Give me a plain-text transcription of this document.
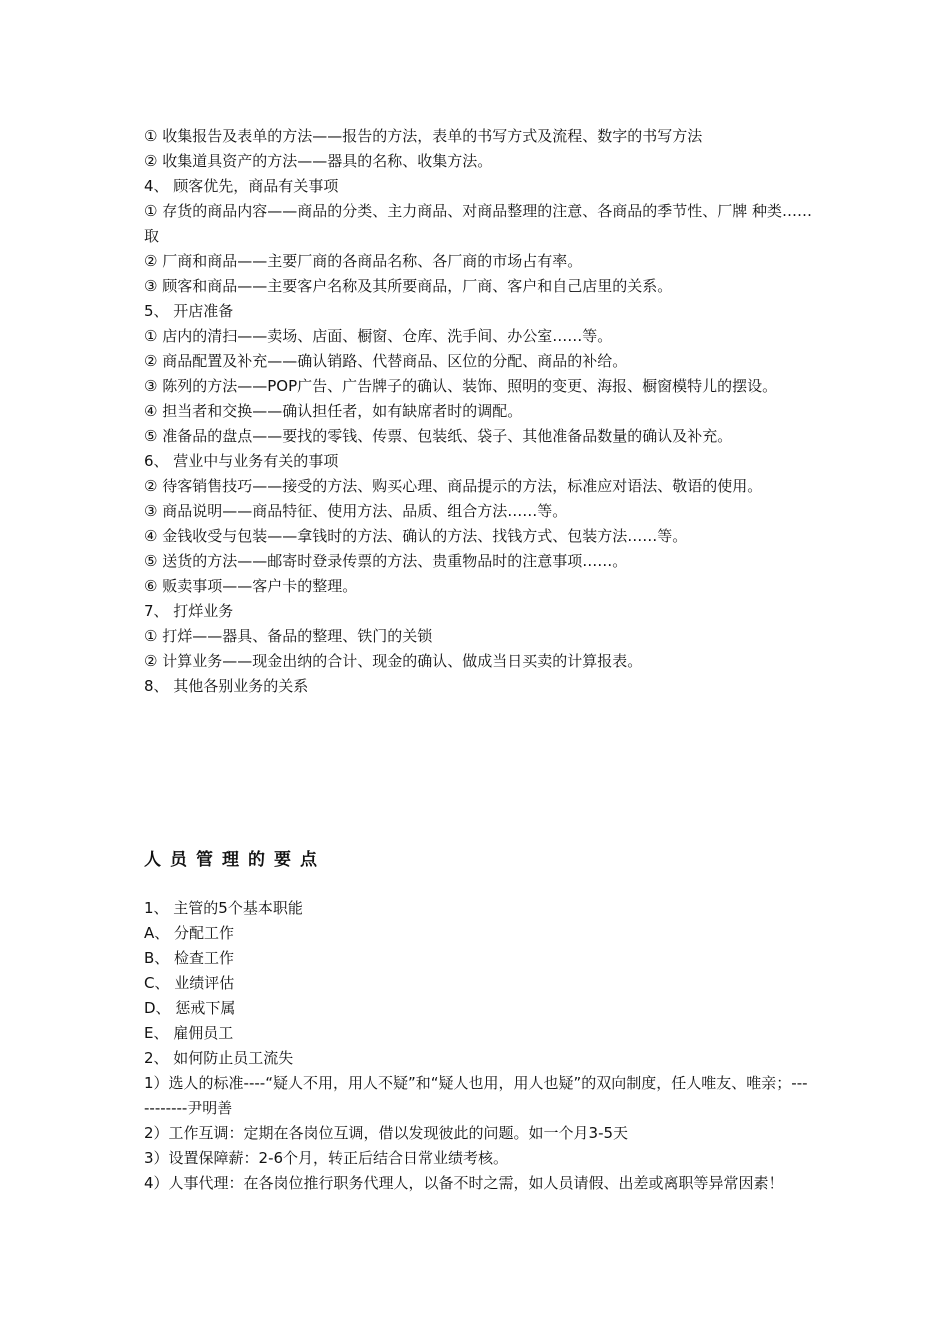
① 收集报告及表单的方法——报告的方法，表单的书写方式及流程、数字的书写方法
② 收集道具资产的方法——器具的名称、收集方法。
4、 顾客优先，商品有关事项
① 存货的商品内容——商品的分类、主力商品、对商品整理的注意、各商品的季节性、厂牌 种类……取
② 厂商和商品——主要厂商的各商品名称、各厂商的市场占有率。
③ 顾客和商品——主要客户名称及其所要商品，厂商、客户和自己店里的关系。
5、 开店准备
① 店内的清扫——卖场、店面、橱窗、仓库、洗手间、办公室……等。
② 商品配置及补充——确认销路、代替商品、区位的分配、商品的补给。
③ 陈列的方法——POP广告、广告牌子的确认、装饰、照明的变更、海报、橱窗模特儿的摆设。
④ 担当者和交换——确认担任者，如有缺席者时的调配。
⑤ 准备品的盘点——要找的零钱、传票、包装纸、袋子、其他准备品数量的确认及补充。
6、 营业中与业务有关的事项
② 待客销售技巧——接受的方法、购买心理、商品提示的方法，标准应对语法、敬语的使用。
③ 商品说明——商品特征、使用方法、品质、组合方法……等。
④ 金钱收受与包装——拿钱时的方法、确认的方法、找钱方式、包装方法……等。
⑤ 送货的方法——邮寄时登录传票的方法、贵重物品时的注意事项……。
⑥ 贩卖事项——客户卡的整理。
7、 打烊业务
① 打烊——器具、备品的整理、铁门的关锁
② 计算业务——现金出纳的合计、现金的确认、做成当日买卖的计算报表。
8、 其他各别业务的关系
人员管理的要点
1、 主管的5个基本职能
A、 分配工作
B、 检查工作
C、 业绩评估
D、 惩戒下属
E、 雇佣员工
2、 如何防止员工流失
1）选人的标准----“疑人不用，用人不疑”和“疑人也用，用人也疑”的双向制度，任人唯友、唯亲；-----------尹明善
2）工作互调：定期在各岗位互调，借以发现彼此的问题。如一个月3-5天
3）设置保障薪：2-6个月，转正后结合日常业绩考核。
4）人事代理：在各岗位推行职务代理人，以备不时之需，如人员请假、出差或离职等异常因素！
